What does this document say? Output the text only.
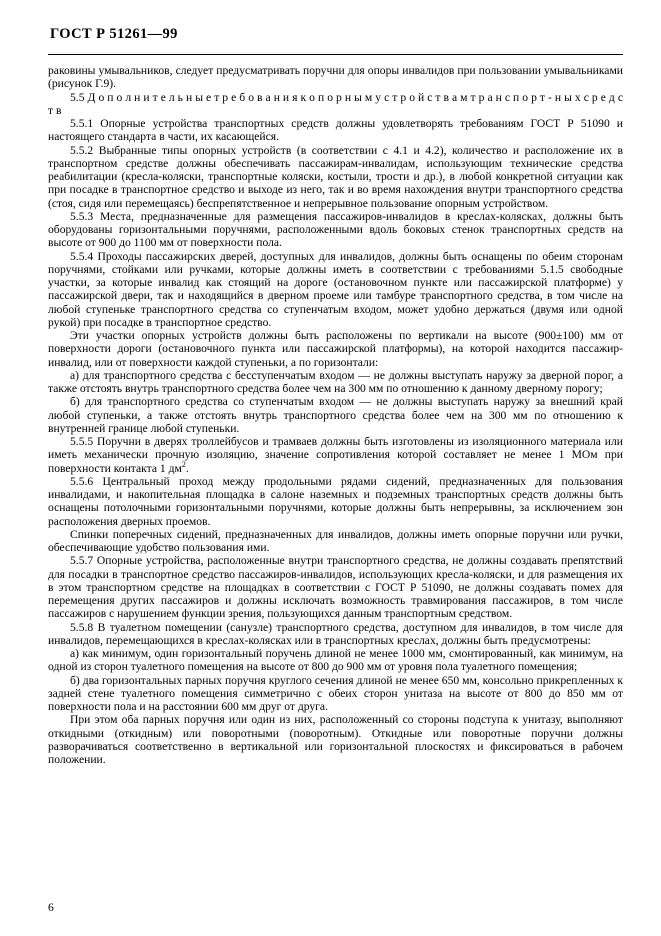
ГОСТ Р 51261—99

раковины умывальников, следует предусматривать поручни для опоры инвалидов при пользовании умывальниками (рисунок Г.9).

5.5 Д о п о л н и т е л ь н ы е т р е б о в а н и я к о п о р н ы м у с т р о й с т в а м т р а н с п о р т - н ы х с р е д с т в

5.5.1 Опорные устройства транспортных средств должны удовлетворять требованиям ГОСТ Р 51090 и настоящего стандарта в части, их касающейся.

5.5.2 Выбранные типы опорных устройств (в соответствии с 4.1 и 4.2), количество и расположение их в транспортном средстве должны обеспечивать пассажирам-инвалидам, использующим технические средства реабилитации (кресла-коляски, транспортные коляски, костыли, трости и др.), в любой конкретной ситуации как при посадке в транспортное средство и выходе из него, так и во время нахождения внутри транспортного средства (стоя, сидя или перемещаясь) беспрепятственное и непрерывное пользование опорным устройством.

5.5.3 Места, предназначенные для размещения пассажиров-инвалидов в креслах-колясках, должны быть оборудованы горизонтальными поручнями, расположенными вдоль боковых стенок транспортных средств на высоте от 900 до 1100 мм от поверхности пола.

5.5.4 Проходы пассажирских дверей, доступных для инвалидов, должны быть оснащены по обеим сторонам поручнями, стойками или ручками, которые должны иметь в соответствии с требованиями 5.1.5 свободные участки, за которые инвалид как стоящий на дороге (остановочном пункте или пассажирской платформе) у пассажирской двери, так и находящийся в дверном проеме или тамбуре транспортного средства, в том числе на любой ступеньке транспортного средства со ступенчатым входом, может удобно держаться (двумя или одной рукой) при посадке в транспортное средство.

Эти участки опорных устройств должны быть расположены по вертикали на высоте (900±100) мм от поверхности дороги (остановочного пункта или пассажирской платформы), на которой находится пассажир-инвалид, или от поверхности каждой ступеньки, а по горизонтали:

а) для транспортного средства с бесступенчатым входом — не должны выступать наружу за дверной порог, а также отстоять внутрь транспортного средства более чем на 300 мм по отношению к данному дверному порогу;

б) для транспортного средства со ступенчатым входом — не должны выступать наружу за внешний край любой ступеньки, а также отстоять внутрь транспортного средства более чем на 300 мм по отношению к внутренней границе любой ступеньки.

5.5.5 Поручни в дверях троллейбусов и трамваев должны быть изготовлены из изоляционного материала или иметь механически прочную изоляцию, значение сопротивления которой составляет не менее 1 МОм при поверхности контакта 1 $дм^2$.

5.5.6 Центральный проход между продольными рядами сидений, предназначенных для пользования инвалидами, и накопительная площадка в салоне наземных и подземных транспортных средств должны быть оснащены потолочными горизонтальными поручнями, которые должны быть непрерывны, за исключением зон расположения дверных проемов.

Спинки поперечных сидений, предназначенных для инвалидов, должны иметь опорные поручни или ручки, обеспечивающие удобство пользования ими.

5.5.7 Опорные устройства, расположенные внутри транспортного средства, не должны создавать препятствий для посадки в транспортное средство пассажиров-инвалидов, использующих кресла-коляски, и для размещения их в этом транспортном средстве на площадках в соответствии с ГОСТ Р 51090, не должны создавать помех для перемещения других пассажиров и должны исключать возможность травмирования пассажиров, в том числе пассажиров с нарушением функции зрения, пользующихся данным транспортным средством.

5.5.8 В туалетном помещении (санузле) транспортного средства, доступном для инвалидов, в том числе для инвалидов, перемещающихся в креслах-колясках или в транспортных креслах, должны быть предусмотрены:

а) как минимум, один горизонтальный поручень длиной не менее 1000 мм, смонтированный, как минимум, на одной из сторон туалетного помещения на высоте от 800 до 900 мм от уровня пола туалетного помещения;

б) два горизонтальных парных поручня круглого сечения длиной не менее 650 мм, консольно прикрепленных к задней стене туалетного помещения симметрично с обеих сторон унитаза на высоте от 800 до 850 мм от поверхности пола и на расстоянии 600 мм друг от друга.

При этом оба парных поручня или один из них, расположенный со стороны подступа к унитазу, выполняют откидными (откидным) или поворотными (поворотным). Откидные или поворотные поручни должны разворачиваться соответственно в вертикальной или горизонтальной плоскостях и фиксироваться в рабочем положении.

6
